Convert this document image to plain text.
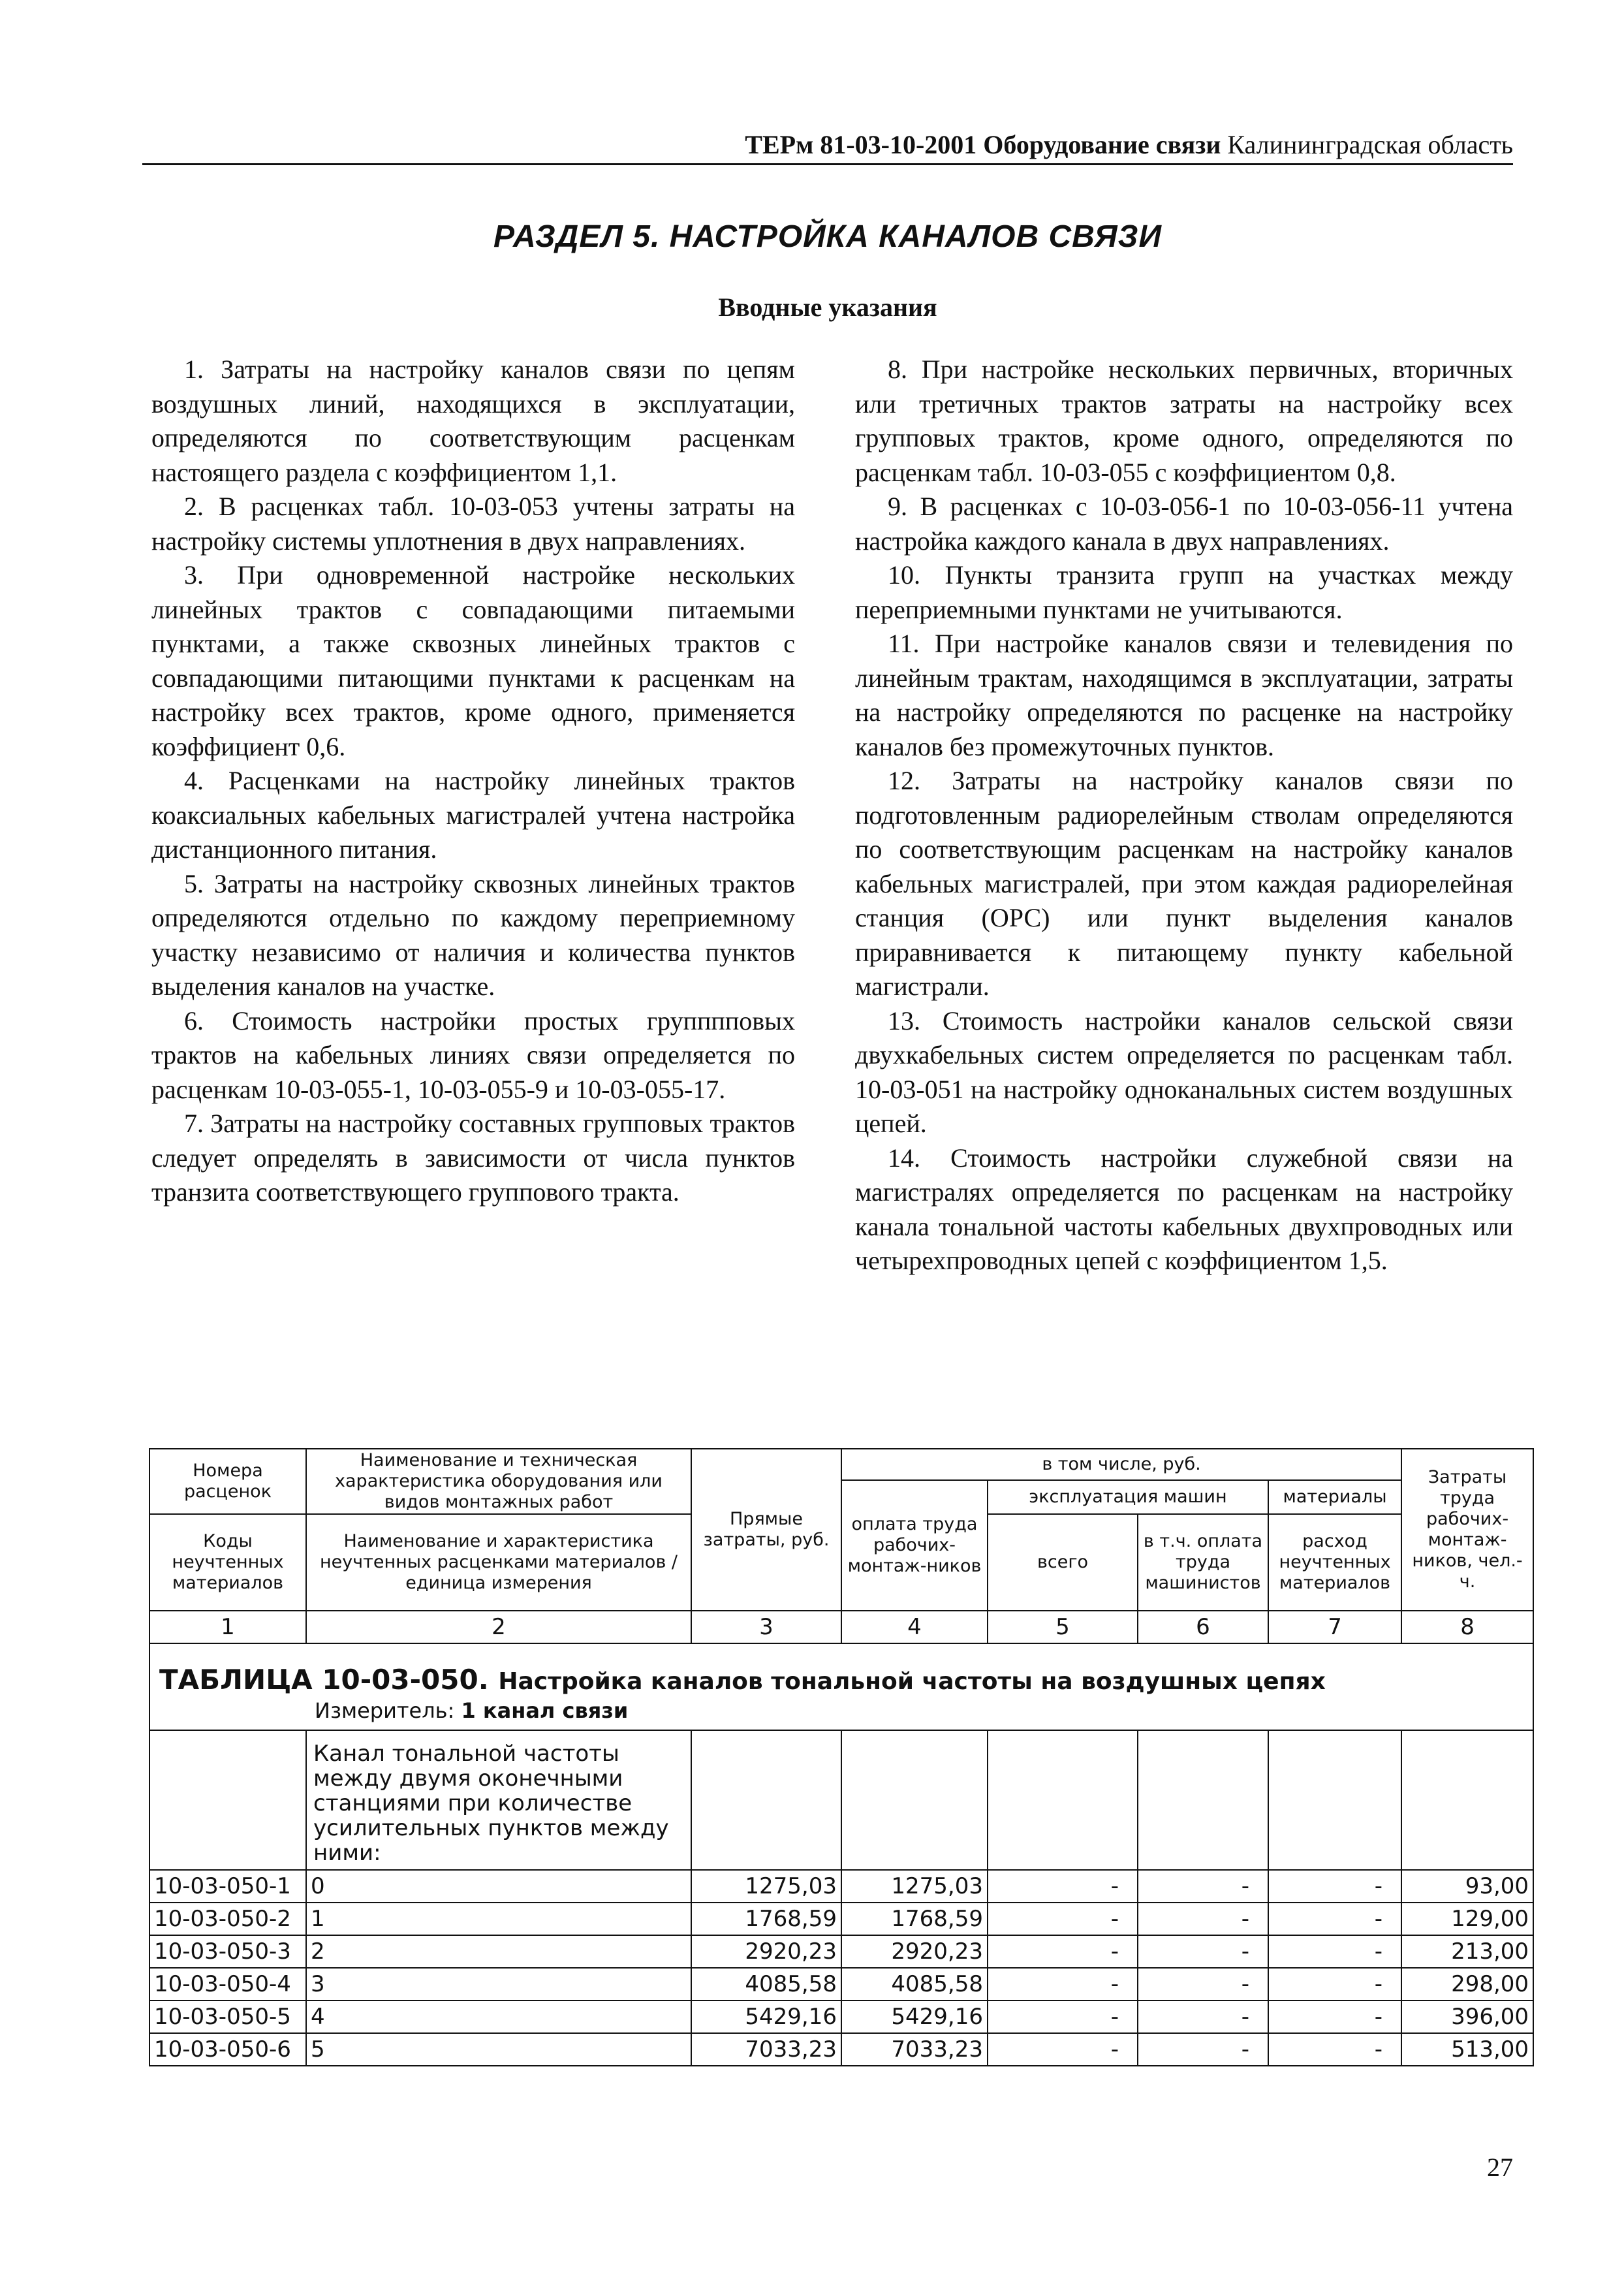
ТЕРм 81-03-10-2001 Оборудование связи Калининградская область
РАЗДЕЛ 5. НАСТРОЙКА КАНАЛОВ СВЯЗИ
Вводные указания

1. Затраты на настройку каналов связи по цепям воздушных линий, находящихся в эксплуатации, определяются по соответствующим расценкам настоящего раздела с коэффициентом 1,1.

2. В расценках табл. 10-03-053 учтены затраты на настройку системы уплотнения в двух направлениях.

3. При одновременной настройке нескольких линейных трактов с совпадающими питаемыми пунктами, а также сквозных линейных трактов с совпадающими питающими пунктами к расценкам на настройку всех трактов, кроме одного, применяется коэффициент 0,6.

4. Расценками на настройку линейных трактов коаксиальных кабельных магистралей учтена настройка дистанционного питания.

5. Затраты на настройку сквозных линейных трактов определяются отдельно по каждому переприемному участку независимо от наличия и количества пунктов выделения каналов на участке.

6. Стоимость настройки простых групппповых трактов на кабельных линиях связи определяется по расценкам 10-03-055-1, 10-03-055-9 и 10-03-055-17.

7. Затраты на настройку составных групповых трактов следует определять в зависимости от числа пунктов транзита соответствующего группового тракта.

8. При настройке нескольких первичных, вторичных или третичных трактов затраты на настройку всех групповых трактов, кроме одного, определяются по расценкам табл. 10-03-055 с коэффициентом 0,8.

9. В расценках с 10-03-056-1 по 10-03-056-11 учтена настройка каждого канала в двух направлениях.

10. Пункты транзита групп на участках между переприемными пунктами не учитываются.

11. При настройке каналов связи и телевидения по линейным трактам, находящимся в эксплуатации, затраты на настройку определяются по расценке на настройку каналов без промежуточных пунктов.

12. Затраты на настройку каналов связи по подготовленным радиорелейным стволам определяются по соответствующим расценкам на настройку каналов кабельных магистралей, при этом каждая радиорелейная станция (ОРС) или пункт выделения каналов приравнивается к питающему пункту кабельной магистрали.

13. Стоимость настройки каналов сельской связи двухкабельных систем определяется по расценкам табл. 10-03-051 на настройку одноканальных систем воздушных цепей.

14. Стоимость настройки служебной связи на магистралях определяется по расценкам на настройку канала тональной частоты кабельных двухпроводных или четырехпроводных цепей с коэффициентом 1,5.

Номера расценок	Наименование и техническая характеристика оборудования или видов монтажных работ	Прямые затраты, руб.	в том числе, руб.				Затраты труда рабочих-монтаж-ников, чел.-ч.
			оплата труда рабочих-монтаж-ников	эксплуатация машин		материалы	
Коды неучтенных материалов	Наименование и характеристика неучтенных расценками материалов / единица измерения			всего	в т.ч. оплата труда машинистов	расход неучтенных материалов	

1	2	3	4	5	6	7	8

ТАБЛИЦА 10-03-050. Настройка каналов тональной частоты на воздушных цепях
Измеритель: 1 канал связи							

	Канал тональной частоты между двумя оконечными станциями при количестве усилительных пунктов между ними:						
10-03-050-1	0	1275,03	1275,03	-	-	-	93,00
10-03-050-2	1	1768,59	1768,59	-	-	-	129,00
10-03-050-3	2	2920,23	2920,23	-	-	-	213,00
10-03-050-4	3	4085,58	4085,58	-	-	-	298,00
10-03-050-5	4	5429,16	5429,16	-	-	-	396,00
10-03-050-6	5	7033,23	7033,23	-	-	-	513,00
27
